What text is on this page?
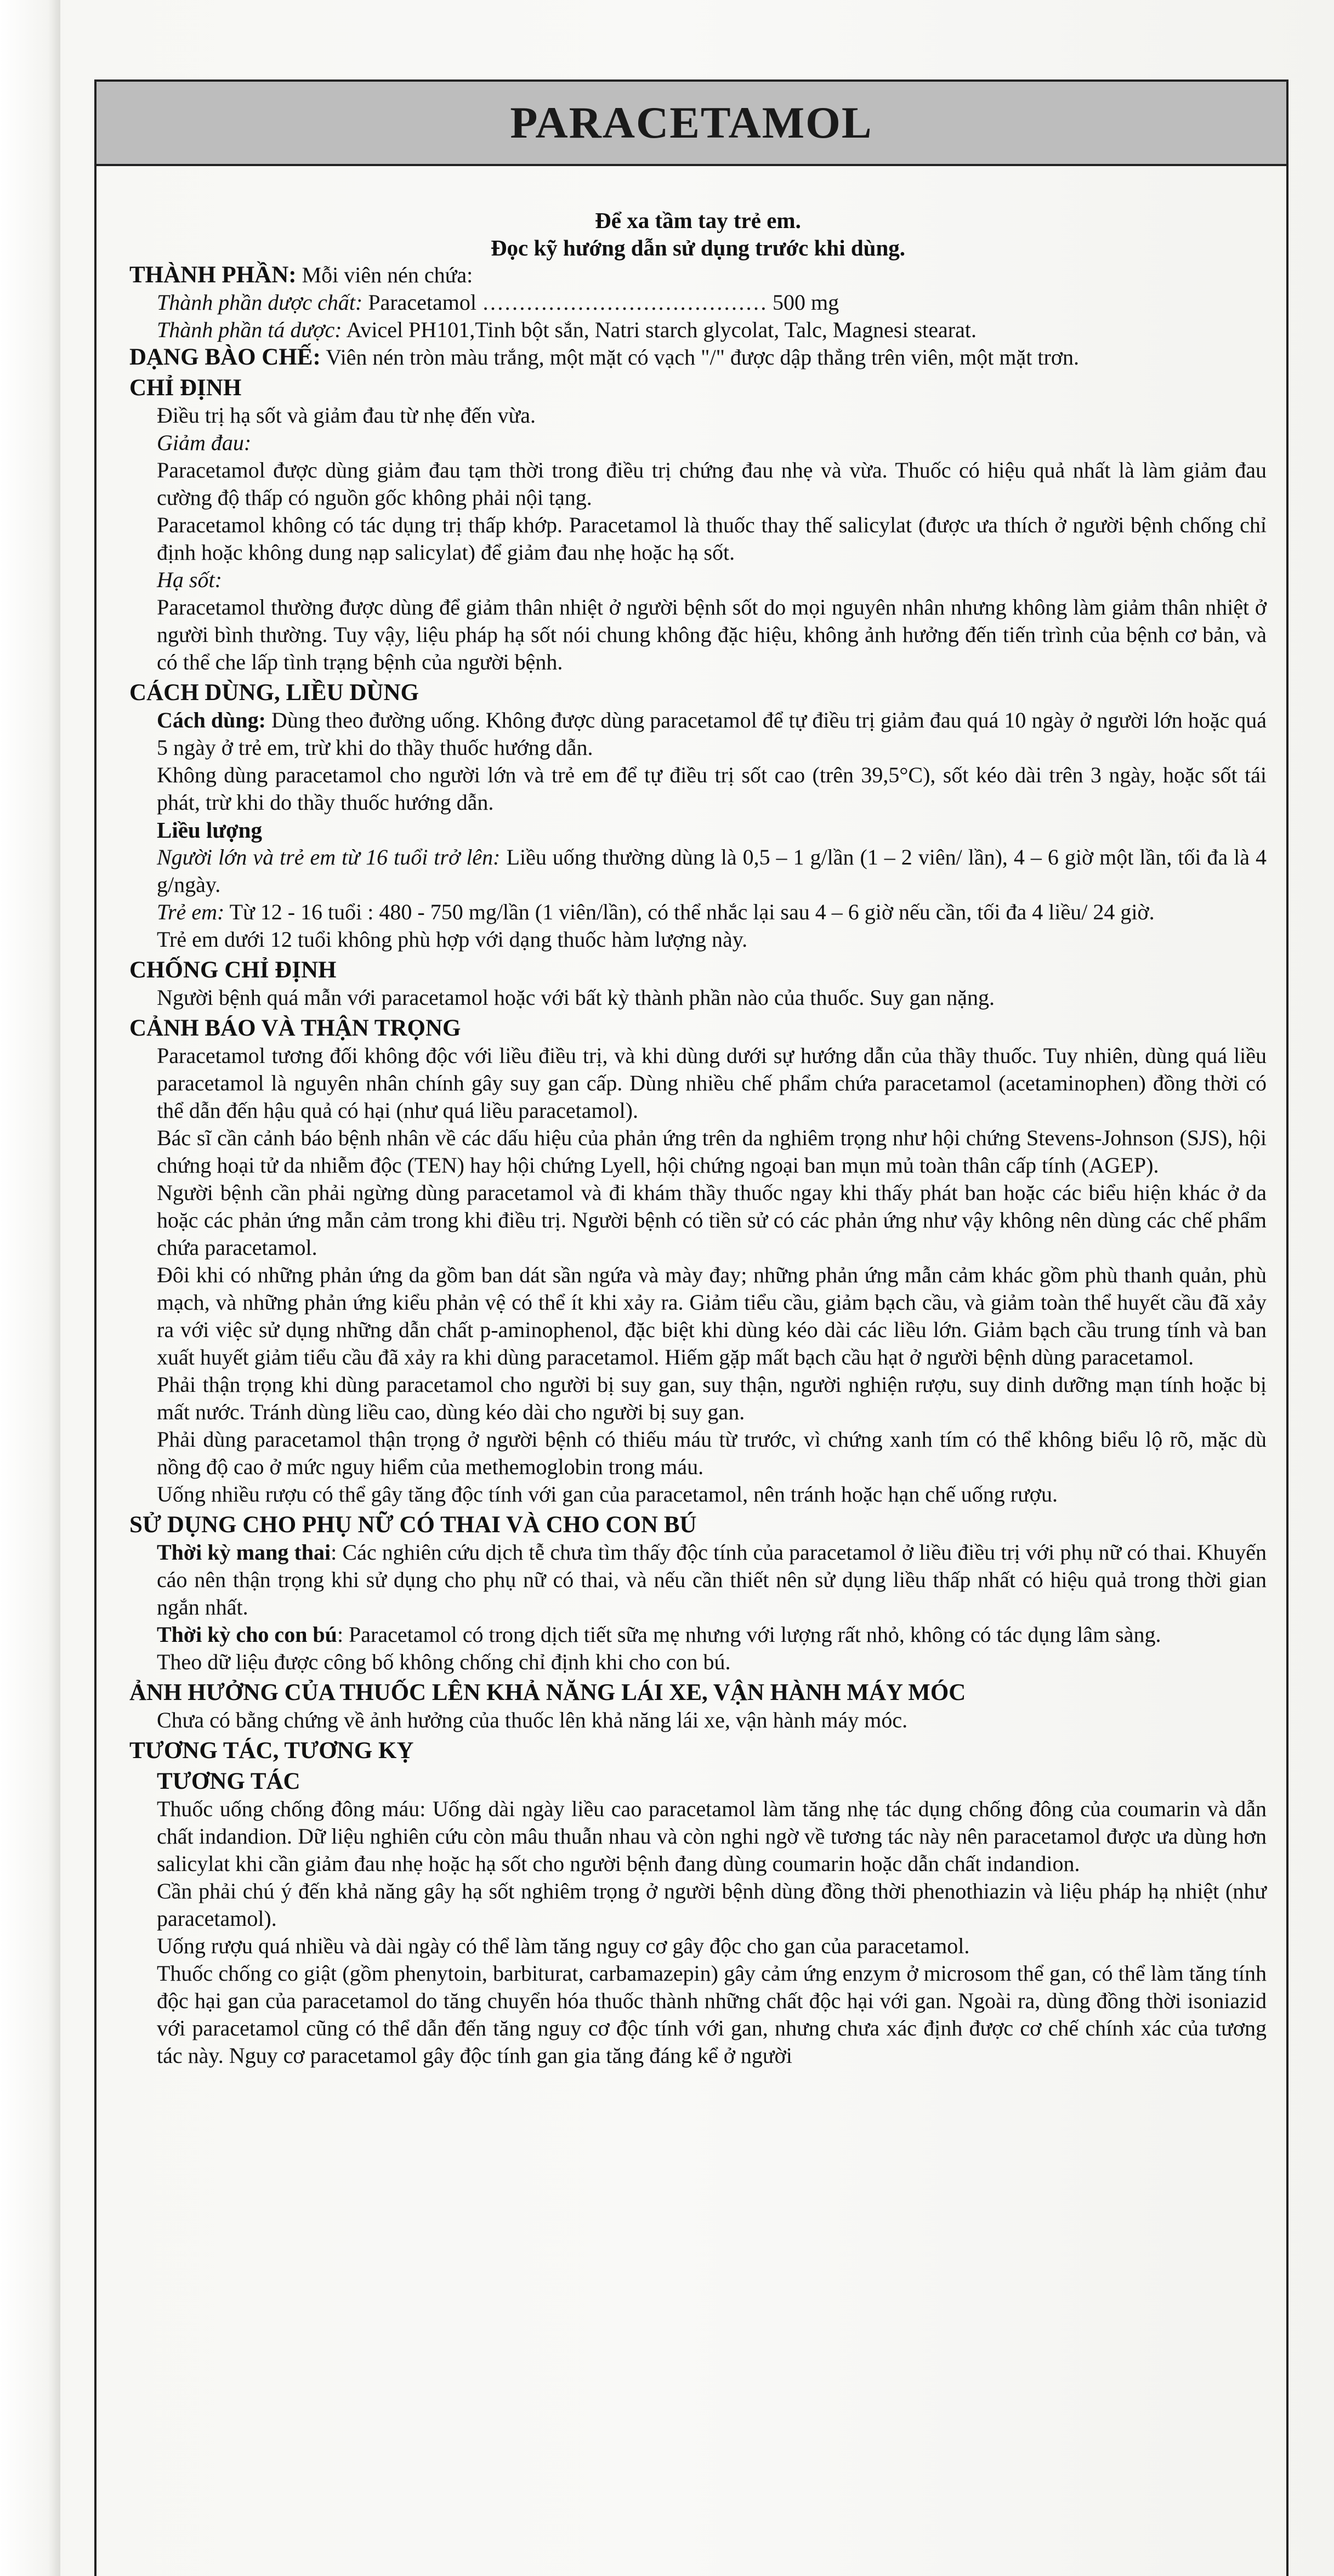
PARACETAMOL
Để xa tầm tay trẻ em.
Đọc kỹ hướng dẫn sử dụng trước khi dùng.
THÀNH PHẦN: Mỗi viên nén chứa:
Thành phần dược chất: Paracetamol ………………………………… 500 mg
Thành phần tá dược: Avicel PH101,Tinh bột sắn, Natri starch glycolat, Talc, Magnesi stearat.
DẠNG BÀO CHẾ: Viên nén tròn màu trắng, một mặt có vạch "/" được dập thẳng trên viên, một mặt trơn.
CHỈ ĐỊNH
Điều trị hạ sốt và giảm đau từ nhẹ đến vừa.
Giảm đau:
Paracetamol được dùng giảm đau tạm thời trong điều trị chứng đau nhẹ và vừa. Thuốc có hiệu quả nhất là làm giảm đau cường độ thấp có nguồn gốc không phải nội tạng.
Paracetamol không có tác dụng trị thấp khớp. Paracetamol là thuốc thay thế salicylat (được ưa thích ở người bệnh chống chỉ định hoặc không dung nạp salicylat) để giảm đau nhẹ hoặc hạ sốt.
Hạ sốt:
Paracetamol thường được dùng để giảm thân nhiệt ở người bệnh sốt do mọi nguyên nhân nhưng không làm giảm thân nhiệt ở người bình thường. Tuy vậy, liệu pháp hạ sốt nói chung không đặc hiệu, không ảnh hưởng đến tiến trình của bệnh cơ bản, và có thể che lấp tình trạng bệnh của người bệnh.
CÁCH DÙNG, LIỀU DÙNG
Cách dùng: Dùng theo đường uống. Không được dùng paracetamol để tự điều trị giảm đau quá 10 ngày ở người lớn hoặc quá 5 ngày ở trẻ em, trừ khi do thầy thuốc hướng dẫn.
Không dùng paracetamol cho người lớn và trẻ em để tự điều trị sốt cao (trên 39,5°C), sốt kéo dài trên 3 ngày, hoặc sốt tái phát, trừ khi do thầy thuốc hướng dẫn.
Liều lượng
Người lớn và trẻ em từ 16 tuổi trở lên: Liều uống thường dùng là 0,5 – 1 g/lần (1 – 2 viên/ lần), 4 – 6 giờ một lần, tối đa là 4 g/ngày.
Trẻ em: Từ 12 - 16 tuổi : 480 - 750 mg/lần (1 viên/lần), có thể nhắc lại sau 4 – 6 giờ nếu cần, tối đa 4 liều/ 24 giờ.
Trẻ em dưới 12 tuổi không phù hợp với dạng thuốc hàm lượng này.
CHỐNG CHỈ ĐỊNH
Người bệnh quá mẫn với paracetamol hoặc với bất kỳ thành phần nào của thuốc. Suy gan nặng.
CẢNH BÁO VÀ THẬN TRỌNG
Paracetamol tương đối không độc với liều điều trị, và khi dùng dưới sự hướng dẫn của thầy thuốc. Tuy nhiên, dùng quá liều paracetamol là nguyên nhân chính gây suy gan cấp. Dùng nhiều chế phẩm chứa paracetamol (acetaminophen) đồng thời có thể dẫn đến hậu quả có hại (như quá liều paracetamol).
Bác sĩ cần cảnh báo bệnh nhân về các dấu hiệu của phản ứng trên da nghiêm trọng như hội chứng Stevens-Johnson (SJS), hội chứng hoại tử da nhiễm độc (TEN) hay hội chứng Lyell, hội chứng ngoại ban mụn mủ toàn thân cấp tính (AGEP).
Người bệnh cần phải ngừng dùng paracetamol và đi khám thầy thuốc ngay khi thấy phát ban hoặc các biểu hiện khác ở da hoặc các phản ứng mẫn cảm trong khi điều trị. Người bệnh có tiền sử có các phản ứng như vậy không nên dùng các chế phẩm chứa paracetamol.
Đôi khi có những phản ứng da gồm ban dát sần ngứa và mày đay; những phản ứng mẫn cảm khác gồm phù thanh quản, phù mạch, và những phản ứng kiểu phản vệ có thể ít khi xảy ra. Giảm tiểu cầu, giảm bạch cầu, và giảm toàn thể huyết cầu đã xảy ra với việc sử dụng những dẫn chất p-aminophenol, đặc biệt khi dùng kéo dài các liều lớn. Giảm bạch cầu trung tính và ban xuất huyết giảm tiểu cầu đã xảy ra khi dùng paracetamol. Hiếm gặp mất bạch cầu hạt ở người bệnh dùng paracetamol.
Phải thận trọng khi dùng paracetamol cho người bị suy gan, suy thận, người nghiện rượu, suy dinh dưỡng mạn tính hoặc bị mất nước. Tránh dùng liều cao, dùng kéo dài cho người bị suy gan.
Phải dùng paracetamol thận trọng ở người bệnh có thiếu máu từ trước, vì chứng xanh tím có thể không biểu lộ rõ, mặc dù nồng độ cao ở mức nguy hiểm của methemoglobin trong máu.
Uống nhiều rượu có thể gây tăng độc tính với gan của paracetamol, nên tránh hoặc hạn chế uống rượu.
SỬ DỤNG CHO PHỤ NỮ CÓ THAI VÀ CHO CON BÚ
Thời kỳ mang thai: Các nghiên cứu dịch tễ chưa tìm thấy độc tính của paracetamol ở liều điều trị với phụ nữ có thai. Khuyến cáo nên thận trọng khi sử dụng cho phụ nữ có thai, và nếu cần thiết nên sử dụng liều thấp nhất có hiệu quả trong thời gian ngắn nhất.
Thời kỳ cho con bú: Paracetamol có trong dịch tiết sữa mẹ nhưng với lượng rất nhỏ, không có tác dụng lâm sàng.
Theo dữ liệu được công bố không chống chỉ định khi cho con bú.
ẢNH HƯỞNG CỦA THUỐC LÊN KHẢ NĂNG LÁI XE, VẬN HÀNH MÁY MÓC
Chưa có bằng chứng về ảnh hưởng của thuốc lên khả năng lái xe, vận hành máy móc.
TƯƠNG TÁC, TƯƠNG KỴ
TƯƠNG TÁC
Thuốc uống chống đông máu: Uống dài ngày liều cao paracetamol làm tăng nhẹ tác dụng chống đông của coumarin và dẫn chất indandion. Dữ liệu nghiên cứu còn mâu thuẫn nhau và còn nghi ngờ về tương tác này nên paracetamol được ưa dùng hơn salicylat khi cần giảm đau nhẹ hoặc hạ sốt cho người bệnh đang dùng coumarin hoặc dẫn chất indandion.
Cần phải chú ý đến khả năng gây hạ sốt nghiêm trọng ở người bệnh dùng đồng thời phenothiazin và liệu pháp hạ nhiệt (như paracetamol).
Uống rượu quá nhiều và dài ngày có thể làm tăng nguy cơ gây độc cho gan của paracetamol.
Thuốc chống co giật (gồm phenytoin, barbiturat, carbamazepin) gây cảm ứng enzym ở microsom thể gan, có thể làm tăng tính độc hại gan của paracetamol do tăng chuyển hóa thuốc thành những chất độc hại với gan. Ngoài ra, dùng đồng thời isoniazid với paracetamol cũng có thể dẫn đến tăng nguy cơ độc tính với gan, nhưng chưa xác định được cơ chế chính xác của tương tác này. Nguy cơ paracetamol gây độc tính gan gia tăng đáng kể ở người
